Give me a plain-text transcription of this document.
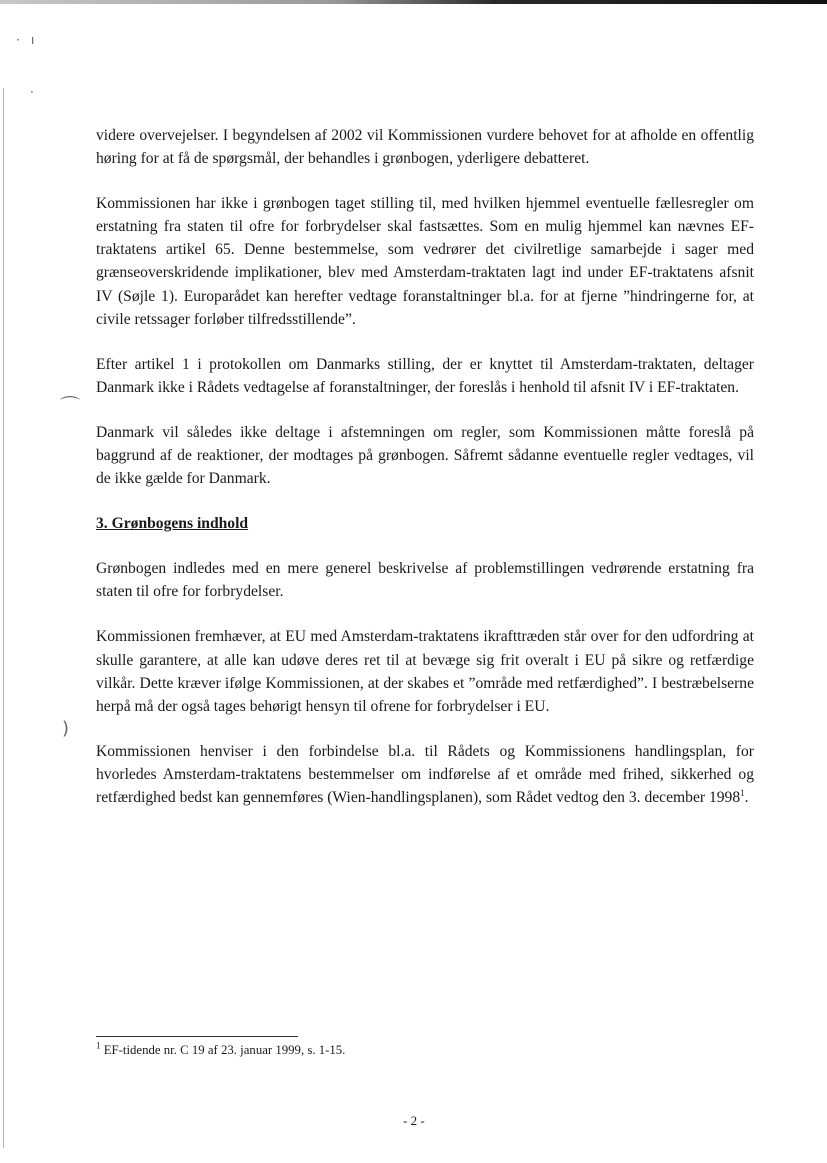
· ı
·
⌒
)

videre overvejelser. I begyndelsen af 2002 vil Kommissionen vurdere behovet for at afholde en offentlig høring for at få de spørgsmål, der behandles i grønbogen, yderligere debatteret.

Kommissionen har ikke i grønbogen taget stilling til, med hvilken hjemmel eventuelle fællesregler om erstatning fra staten til ofre for forbrydelser skal fastsættes. Som en mulig hjemmel kan nævnes EF-traktatens artikel 65. Denne bestemmelse, som vedrører det civilretlige samarbejde i sager med grænseoverskridende implikationer, blev med Amsterdam-traktaten lagt ind under EF-traktatens afsnit IV (Søjle 1). Europarådet kan herefter vedtage foranstaltninger bl.a. for at fjerne ”hindringerne for, at civile retssager forløber tilfredsstillende”.

Efter artikel 1 i protokollen om Danmarks stilling, der er knyttet til Amsterdam-traktaten, deltager Danmark ikke i Rådets vedtagelse af foranstaltninger, der foreslås i henhold til afsnit IV i EF-traktaten.

Danmark vil således ikke deltage i afstemningen om regler, som Kommissionen måtte foreslå på baggrund af de reaktioner, der modtages på grønbogen. Såfremt sådanne eventuelle regler vedtages, vil de ikke gælde for Danmark.

3. Grønbogens indhold

Grønbogen indledes med en mere generel beskrivelse af problemstillingen vedrørende erstatning fra staten til ofre for forbrydelser.

Kommissionen fremhæver, at EU med Amsterdam-traktatens ikrafttræden står over for den udfordring at skulle garantere, at alle kan udøve deres ret til at bevæge sig frit overalt i EU på sikre og retfærdige vilkår. Dette kræver ifølge Kommissionen, at der skabes et ”område med retfærdighed”. I bestræbelserne herpå må der også tages behørigt hensyn til ofrene for forbrydelser i EU.

Kommissionen henviser i den forbindelse bl.a. til Rådets og Kommissionens handlingsplan, for hvorledes Amsterdam-traktatens bestemmelser om indførelse af et område med frihed, sikkerhed og retfærdighed bedst kan gennemføres (Wien-handlingsplanen), som Rådet vedtog den 3. december 1998$^1$.

$^1$ EF-tidende nr. C 19 af 23. januar 1999, s. 1-15.
- 2 -
